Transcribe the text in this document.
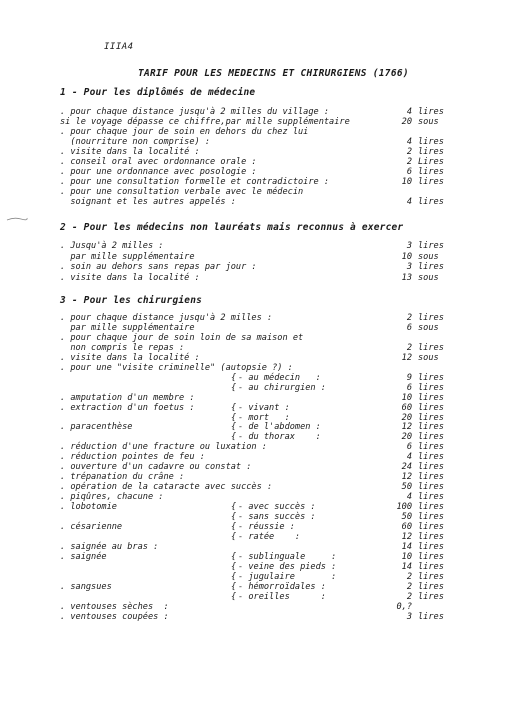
IIIA4
TARIF POUR LES MEDECINS ET CHIRURGIENS (1766)
1 - Pour les diplômés de médecine
. pour chaque distance jusqu'à 2 milles du village :	4 lires
si le voyage dépasse ce chiffre,par mille supplémentaire	20 sous
. pour chaque jour de soin en dehors du chez lui
(nourriture non comprise) :	4 lires
. visite dans la localité :	2 lires
. conseil oral avec ordonnance orale :	2 Lires
. pour une ordonnance avec posologie :	6 lires
. pour une consultation formelle et contradictoire :	10 lires
. pour une consultation verbale avec le médecin
soignant et les autres appelés :	4 lires
2 - Pour les médecins non lauréats mais reconnus à exercer
. Jusqu'à 2 milles :	3 lires
par mille supplémentaire	10 sous
. soin au dehors sans repas par jour :	3 lires
. visite dans la localité :	13 sous
3 - Pour les chirurgiens
. pour chaque distance jusqu'à 2 milles :	2 lires
par mille supplémentaire	6 sous
. pour chaque jour de soin loin de sa maison et
non compris le repas :	2 lires
. visite dans la localité :	12 sous
. pour une "visite criminelle" (autopsie ?) :
{ - au médecin   :	9 lires
{ - au chirurgien :	6 lires
. amputation d'un membre :	10 lires
. extraction d'un foetus :	{ - vivant :	60 lires
{ - mort   :	20 lires
. paracenthèse	{ - de l'abdomen :	12 lires
{ - du thorax    :	20 lires
. réduction d'une fracture ou luxation :	6 lires
. réduction pointes de feu :	4 lires
. ouverture d'un cadavre ou constat :	24 lires
. trépanation du crâne :	12 lires
. opération de la cataracte avec succès :	50 lires
. piqûres, chacune :	4 lires
. lobotomie	{ - avec succès :	100 lires
{ - sans succès :	50 lires
. césarienne	{ - réussie :	60 lires
{ - ratée    :	12 lires
. saignée au bras :	14 lires
. saignée	{ - sublinguale     :	10 lires
{ - veine des pieds :	14 lires
{ - jugulaire       :	2 lires
. sangsues	{ - hémorroïdales :	2 lires
{ - oreilles      :	2 lires
. ventouses sèches  :	0,?
. ventouses coupées :	3 lires
